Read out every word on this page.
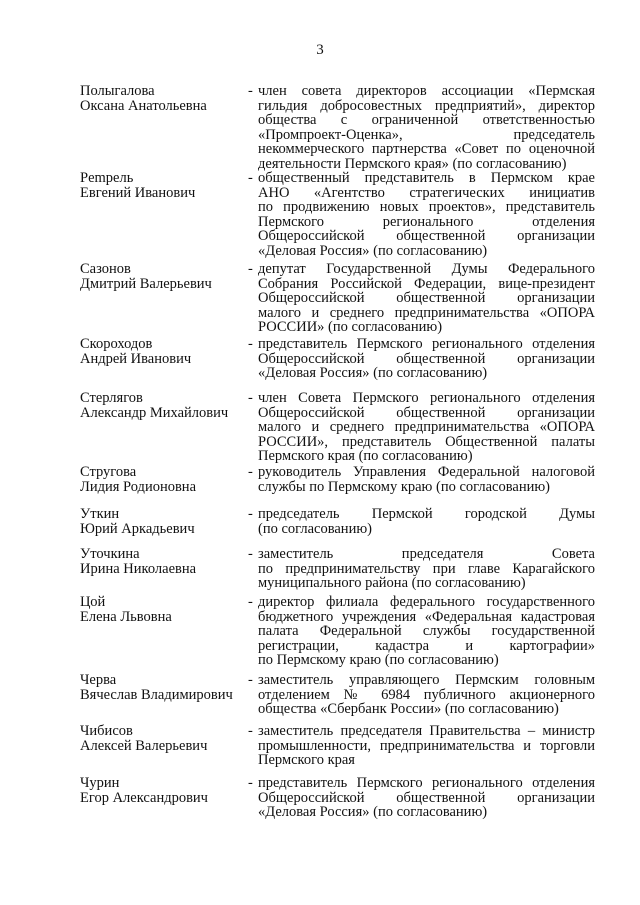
3
Полыгалова
Оксана Анатольевна
- член совета директоров ассоциации «Пермская
гильдия добросовестных предприятий», директор
общества с ограниченной ответственностью
«Промпроект-Оценка», председатель
некоммерческого партнерства «Совет по оценочной
деятельности Пермского края» (по согласованию)
Рempель
Евгений Иванович
- общественный представитель в Пермском крае
АНО «Агентство стратегических инициатив
по продвижению новых проектов», представитель
Пермского регионального отделения
Общероссийской общественной организации
«Деловая Россия» (по согласованию)
Сазонов
Дмитрий Валерьевич
- депутат Государственной Думы Федерального
Собрания Российской Федерации, вице-президент
Общероссийской общественной организации
малого и среднего предпринимательства «ОПОРА
РОССИИ» (по согласованию)
Скороходов
Андрей Иванович
- представитель Пермского регионального отделения
Общероссийской общественной организации
«Деловая Россия» (по согласованию)
Стерлягов
Александр Михайлович
- член Совета Пермского регионального отделения
Общероссийской общественной организации
малого и среднего предпринимательства «ОПОРА
РОССИИ», представитель Общественной палаты
Пермского края (по согласованию)
Стругова
Лидия Родионовна
- руководитель Управления Федеральной налоговой
службы по Пермскому краю (по согласованию)
Уткин
Юрий Аркадьевич
- председатель Пермской городской Думы
(по согласованию)
Уточкина
Ирина Николаевна
- заместитель председателя Совета
по предпринимательству при главе Карагайского
муниципального района (по согласованию)
Цой
Елена Львовна
- директор филиала федерального государственного
бюджетного учреждения «Федеральная кадастровая
палата Федеральной службы государственной
регистрации, кадастра и картографии»
по Пермскому краю (по согласованию)
Черва
Вячеслав Владимирович
- заместитель управляющего Пермским головным
отделением № 6984 публичного акционерного
общества «Сбербанк России» (по согласованию)
Чибисов
Алексей Валерьевич
- заместитель председателя Правительства – министр
промышленности, предпринимательства и торговли
Пермского края
Чурин
Егор Александрович
- представитель Пермского регионального отделения
Общероссийской общественной организации
«Деловая Россия» (по согласованию)
